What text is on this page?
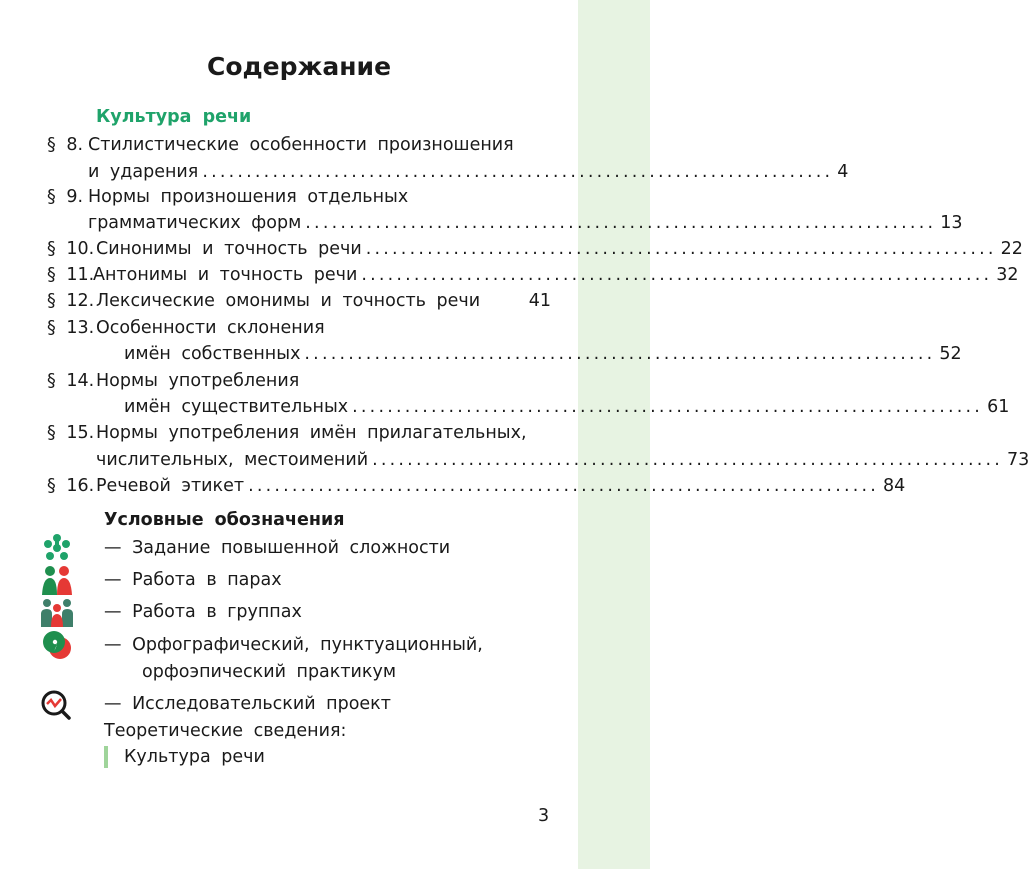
Содержание
Культура речи
§ 8. Стилистические особенности произношения
и ударения ........................................................................ 4
§ 9. Нормы произношения отдельных
грамматических форм ........................................................................ 13
§ 10. Синонимы и точность речи ........................................................................ 22
§ 11.
Антонимы и точность речи ........................................................................ 32
§ 12. Лексические омонимы и точность речи	41
§ 13. Особенности склонения
имён собственных ........................................................................ 52
§ 14. Нормы употребления
имён существительных ........................................................................ 61
§ 15. Нормы употребления имён прилагательных,
числительных, местоимений ........................................................................ 73
§ 16. Речевой этикет ........................................................................ 84
Условные обозначения
— Задание повышенной сложности
— Работа в парах
— Работа в группах
— Орфографический, пунктуационный,
орфоэпический практикум
— Исследовательский проект
Теоретические сведения:
Культура речи
3
